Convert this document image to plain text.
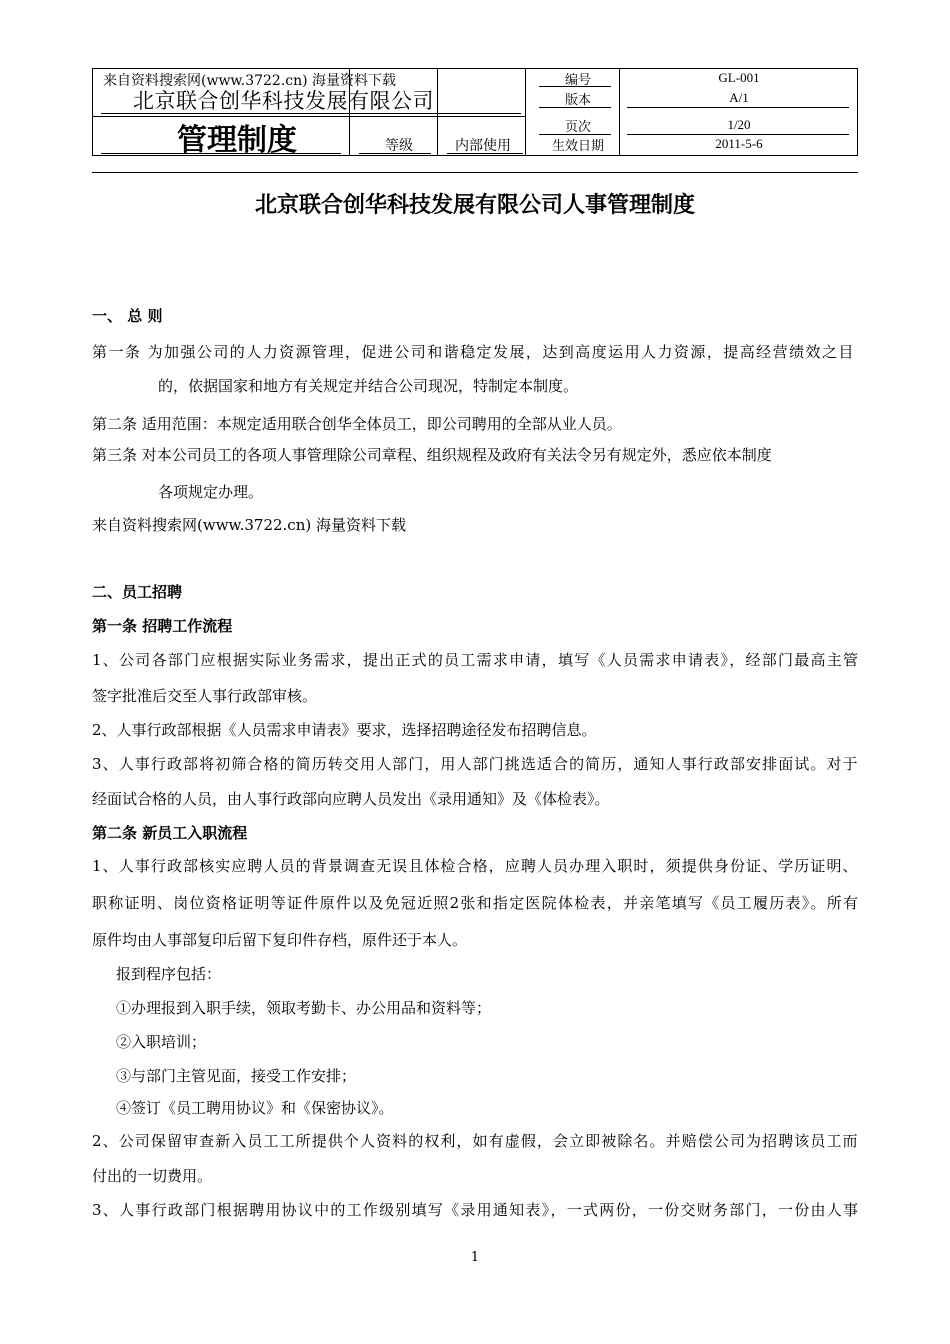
来自资料搜索网(www.3722.cn) 海量资料下载
北京联合创华科技发展有限公司
管理制度	等级	内部使用
编号	GL-001
版本	A/1
页次	1/20
生效日期	2011-5-6
北京联合创华科技发展有限公司人事管理制度
一、 总 则
第一条 为加强公司的人力资源管理，促进公司和谐稳定发展，达到高度运用人力资源，提高经营绩效之目
的，依据国家和地方有关规定并结合公司现况，特制定本制度。
第二条 适用范围：本规定适用联合创华全体员工，即公司聘用的全部从业人员。
第三条 对本公司员工的各项人事管理除公司章程、组织规程及政府有关法令另有规定外，悉应依本制度
各项规定办理。
来自资料搜索网(www.3722.cn) 海量资料下载
二、员工招聘
第一条 招聘工作流程
1、公司各部门应根据实际业务需求，提出正式的员工需求申请，填写《人员需求申请表》，经部门最高主管
签字批准后交至人事行政部审核。
2、人事行政部根据《人员需求申请表》要求，选择招聘途径发布招聘信息。
3、人事行政部将初筛合格的简历转交用人部门，用人部门挑选适合的简历，通知人事行政部安排面试。对于
经面试合格的人员，由人事行政部向应聘人员发出《录用通知》及《体检表》。
第二条 新员工入职流程
1、人事行政部核实应聘人员的背景调查无误且体检合格，应聘人员办理入职时，须提供身份证、学历证明、
职称证明、岗位资格证明等证件原件以及免冠近照2张和指定医院体检表，并亲笔填写《员工履历表》。所有
原件均由人事部复印后留下复印件存档，原件还于本人。
报到程序包括：
①办理报到入职手续，领取考勤卡、办公用品和资料等；
②入职培训；
③与部门主管见面，接受工作安排；
④签订《员工聘用协议》和《保密协议》。
2、公司保留审查新入员工工所提供个人资料的权利，如有虚假，会立即被除名。并赔偿公司为招聘该员工而
付出的一切费用。
3、人事行政部门根据聘用协议中的工作级别填写《录用通知表》，一式两份，一份交财务部门，一份由人事
1
